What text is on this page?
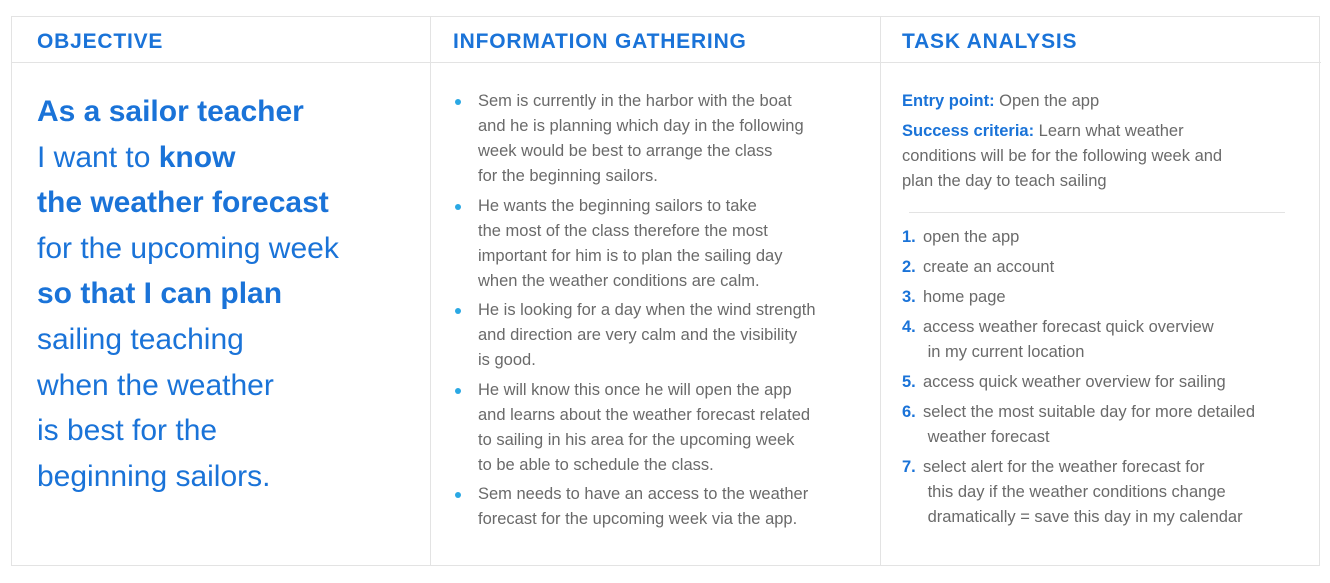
OBJECTIVE
As a sailor teacher
I want to know
the weather forecast
for the upcoming week
so that I can plan
sailing teaching
when the weather
is best for the
beginning sailors.
INFORMATION GATHERING
Sem is currently in the harbor with the boat
and he is planning which day in the following
week would be best to arrange the class
for the beginning sailors.
He wants the beginning sailors to take
the most of the class therefore the most
important for him is to plan the sailing day
when the weather conditions are calm.
He is looking for a day when the wind strength
and direction are very calm and the visibility
is good.
He will know this once he will open the app
and learns about the weather forecast related
to sailing in his area for the upcoming week
to be able to schedule the class.
Sem needs to have an access to the weather
forecast for the upcoming week via the app.
TASK ANALYSIS

Entry point: Open the app

Success criteria: Learn what weather
conditions will be for the following week and
plan the day to teach sailing

1. open the app
2. create an account
3. home page
4. access weather forecast quick overview
in my current location
5. access quick weather overview for sailing
6. select the most suitable day for more detailed
weather forecast
7. select alert for the weather forecast for
this day if the weather conditions change
dramatically = save this day in my calendar
